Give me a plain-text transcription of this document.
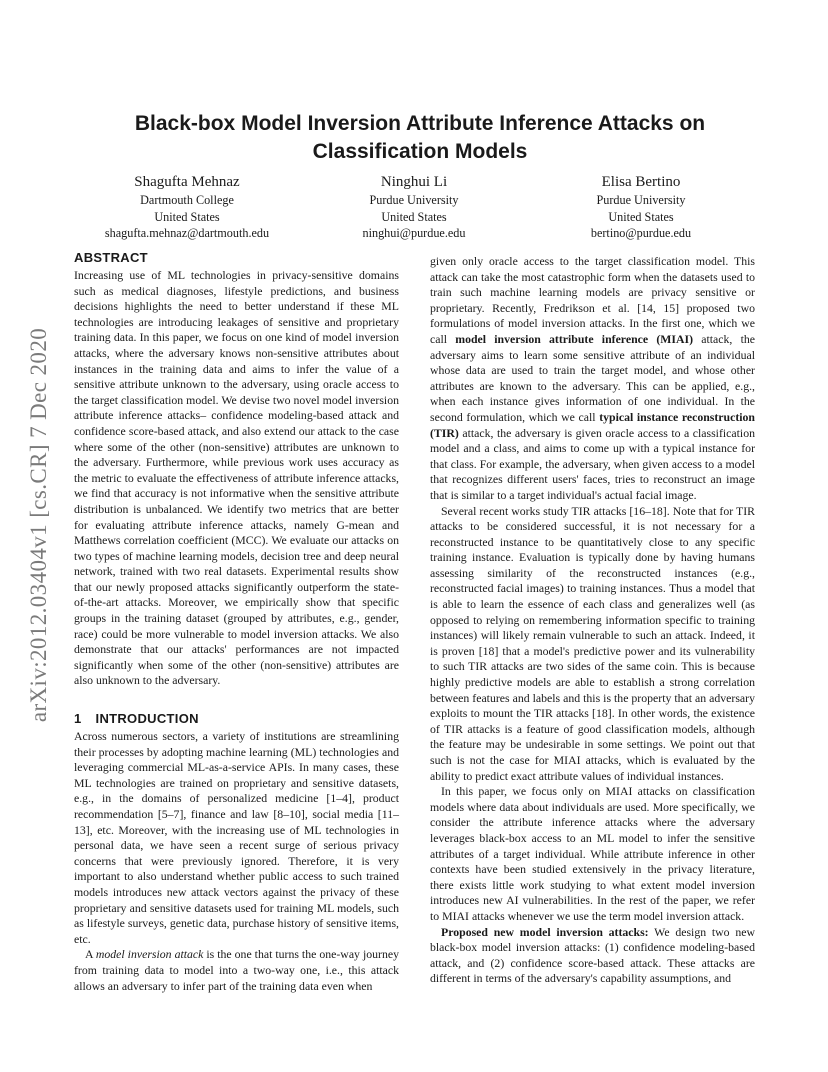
arXiv:2012.03404v1 [cs.CR] 7 Dec 2020
Black-box Model Inversion Attribute Inference Attacks on Classification Models
Shagufta Mehnaz
Dartmouth College
United States
shagufta.mehnaz@dartmouth.edu
Ninghui Li
Purdue University
United States
ninghui@purdue.edu
Elisa Bertino
Purdue University
United States
bertino@purdue.edu
ABSTRACT

Increasing use of ML technologies in privacy-sensitive domains such as medical diagnoses, lifestyle predictions, and business decisions highlights the need to better understand if these ML technologies are introducing leakages of sensitive and proprietary training data. In this paper, we focus on one kind of model inversion attacks, where the adversary knows non-sensitive attributes about instances in the training data and aims to infer the value of a sensitive attribute unknown to the adversary, using oracle access to the target classification model. We devise two novel model inversion attribute inference attacks– confidence modeling-based attack and confidence score-based attack, and also extend our attack to the case where some of the other (non-sensitive) attributes are unknown to the adversary. Furthermore, while previous work uses accuracy as the metric to evaluate the effectiveness of attribute inference attacks, we find that accuracy is not informative when the sensitive attribute distribution is unbalanced. We identify two metrics that are better for evaluating attribute inference attacks, namely G-mean and Matthews correlation coefficient (MCC). We evaluate our attacks on two types of machine learning models, decision tree and deep neural network, trained with two real datasets. Experimental results show that our newly proposed attacks significantly outperform the state-of-the-art attacks. Moreover, we empirically show that specific groups in the training dataset (grouped by attributes, e.g., gender, race) could be more vulnerable to model inversion attacks. We also demonstrate that our attacks' performances are not impacted significantly when some of the other (non-sensitive) attributes are also unknown to the adversary.

1 INTRODUCTION

Across numerous sectors, a variety of institutions are streamlining their processes by adopting machine learning (ML) technologies and leveraging commercial ML-as-a-service APIs. In many cases, these ML technologies are trained on proprietary and sensitive datasets, e.g., in the domains of personalized medicine [1–4], product recommendation [5–7], finance and law [8–10], social media [11–13], etc. Moreover, with the increasing use of ML technologies in personal data, we have seen a recent surge of serious privacy concerns that were previously ignored. Therefore, it is very important to also understand whether public access to such trained models introduces new attack vectors against the privacy of these proprietary and sensitive datasets used for training ML models, such as lifestyle surveys, genetic data, purchase history of sensitive items, etc.

A model inversion attack is the one that turns the one-way journey from training data to model into a two-way one, i.e., this attack allows an adversary to infer part of the training data even when

given only oracle access to the target classification model. This attack can take the most catastrophic form when the datasets used to train such machine learning models are privacy sensitive or proprietary. Recently, Fredrikson et al. [14, 15] proposed two formulations of model inversion attacks. In the first one, which we call model inversion attribute inference (MIAI) attack, the adversary aims to learn some sensitive attribute of an individual whose data are used to train the target model, and whose other attributes are known to the adversary. This can be applied, e.g., when each instance gives information of one individual. In the second formulation, which we call typical instance reconstruction (TIR) attack, the adversary is given oracle access to a classification model and a class, and aims to come up with a typical instance for that class. For example, the adversary, when given access to a model that recognizes different users' faces, tries to reconstruct an image that is similar to a target individual's actual facial image.

Several recent works study TIR attacks [16–18]. Note that for TIR attacks to be considered successful, it is not necessary for a reconstructed instance to be quantitatively close to any specific training instance. Evaluation is typically done by having humans assessing similarity of the reconstructed instances (e.g., reconstructed facial images) to training instances. Thus a model that is able to learn the essence of each class and generalizes well (as opposed to relying on remembering information specific to training instances) will likely remain vulnerable to such an attack. Indeed, it is proven [18] that a model's predictive power and its vulnerability to such TIR attacks are two sides of the same coin. This is because highly predictive models are able to establish a strong correlation between features and labels and this is the property that an adversary exploits to mount the TIR attacks [18]. In other words, the existence of TIR attacks is a feature of good classification models, although the feature may be undesirable in some settings. We point out that such is not the case for MIAI attacks, which is evaluated by the ability to predict exact attribute values of individual instances.

In this paper, we focus only on MIAI attacks on classification models where data about individuals are used. More specifically, we consider the attribute inference attacks where the adversary leverages black-box access to an ML model to infer the sensitive attributes of a target individual. While attribute inference in other contexts have been studied extensively in the privacy literature, there exists little work studying to what extent model inversion introduces new AI vulnerabilities. In the rest of the paper, we refer to MIAI attacks whenever we use the term model inversion attack.

Proposed new model inversion attacks: We design two new black-box model inversion attacks: (1) confidence modeling-based attack, and (2) confidence score-based attack. These attacks are different in terms of the adversary's capability assumptions, and
